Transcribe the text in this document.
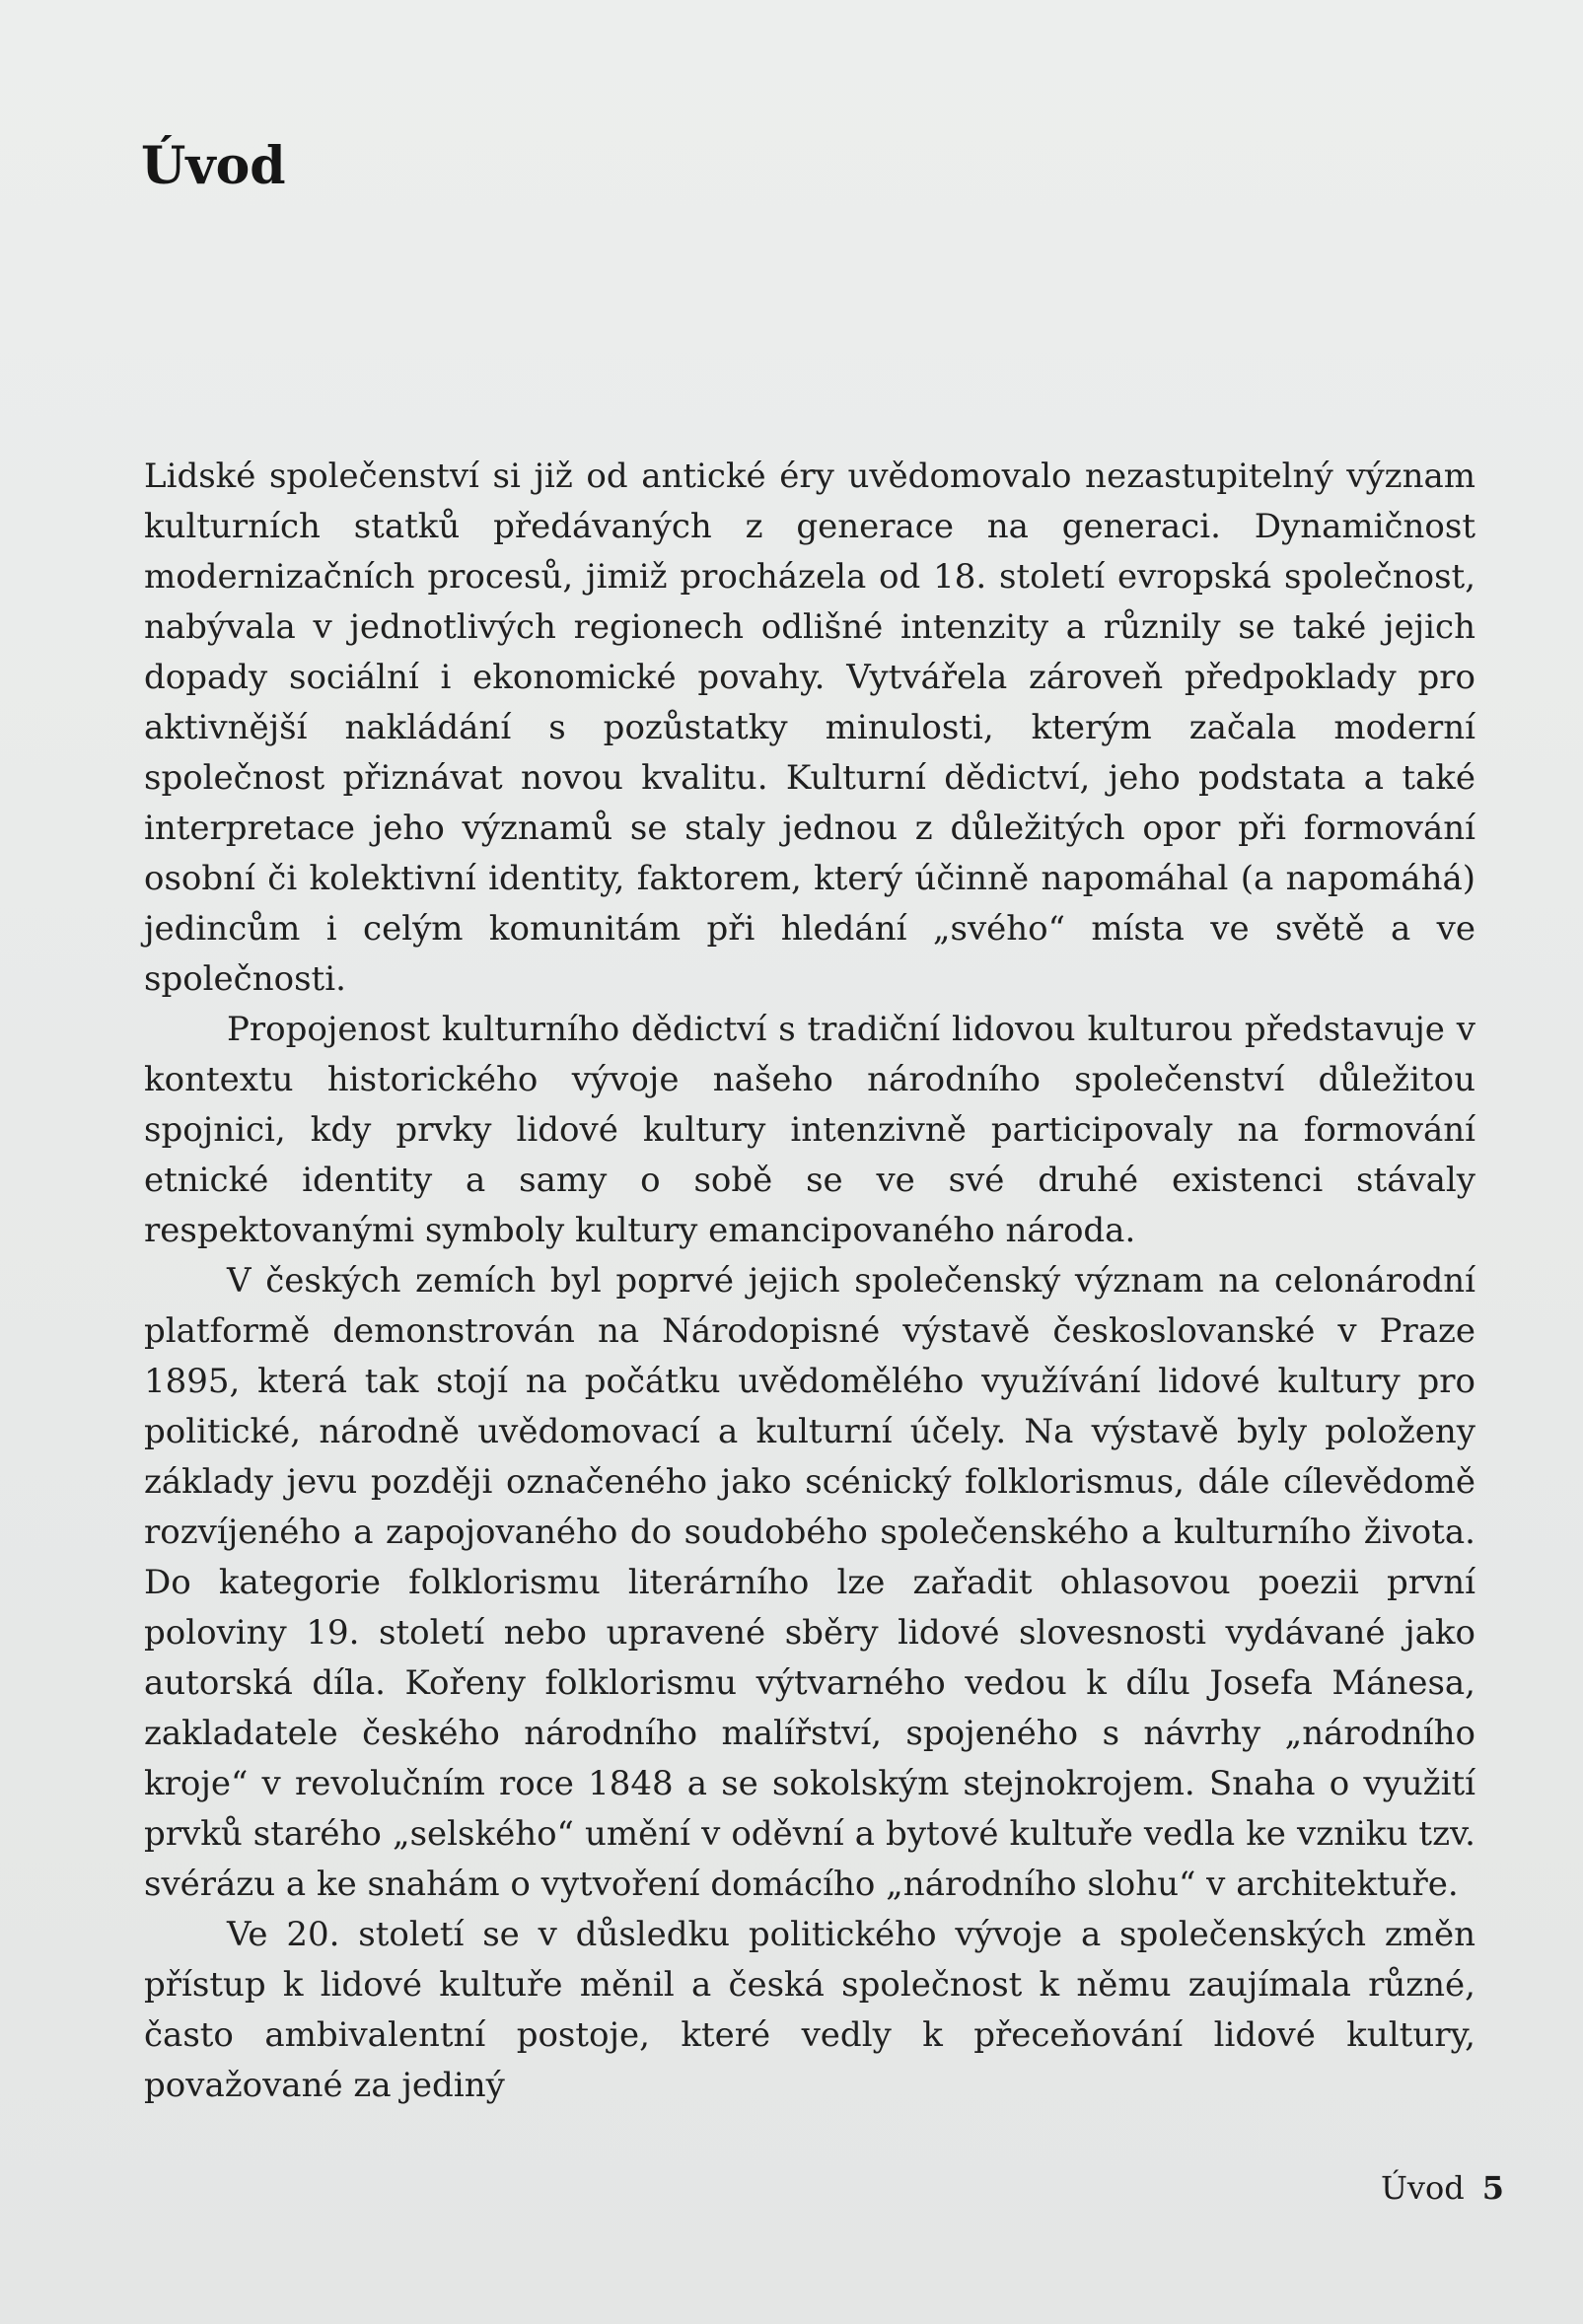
Úvod

Lidské společenství si již od antické éry uvědomovalo nezastupitelný význam kulturních statků předávaných z generace na generaci. Dynamičnost modernizačních procesů, jimiž procházela od 18. století evropská společnost, nabývala v jednotlivých regionech odlišné intenzity a různily se také jejich dopady sociální i ekonomické povahy. Vytvářela zároveň předpoklady pro aktivnější nakládání s pozůstatky minulosti, kterým začala moderní společnost přiznávat novou kvalitu. Kulturní dědictví, jeho podstata a také interpretace jeho významů se staly jednou z důležitých opor při formování osobní či kolektivní identity, faktorem, který účinně napomáhal (a napomáhá) jedincům i celým komunitám při hledání „svého“ místa ve světě a ve společnosti.

Propojenost kulturního dědictví s tradiční lidovou kulturou představuje v kontextu historického vývoje našeho národního společenství důležitou spojnici, kdy prvky lidové kultury intenzivně participovaly na formování etnické identity a samy o sobě se ve své druhé existenci stávaly respektovanými symboly kultury emancipovaného národa.

V českých zemích byl poprvé jejich společenský význam na celonárodní platformě demonstrován na Národopisné výstavě českoslovanské v Praze 1895, která tak stojí na počátku uvědomělého využívání lidové kultury pro politické, národně uvědomovací a kulturní účely. Na výstavě byly položeny základy jevu později označeného jako scénický folklorismus, dále cílevědomě rozvíjeného a zapojovaného do soudobého společenského a kulturního života. Do kategorie folklorismu literárního lze zařadit ohlasovou poezii první poloviny 19. století nebo upravené sběry lidové slovesnosti vydávané jako autorská díla. Kořeny folklorismu výtvarného vedou k dílu Josefa Mánesa, zakladatele českého národního malířství, spojeného s návrhy „národního kroje“ v revolučním roce 1848 a se sokolským stejnokrojem. Snaha o využití prvků starého „selského“ umění v oděvní a bytové kultuře vedla ke vzniku tzv. svérázu a ke snahám o vytvoření domácího „národního slohu“ v architektuře.

Ve 20. století se v důsledku politického vývoje a společenských změn přístup k lidové kultuře měnil a česká společnost k němu zaujímala různé, často ambivalentní postoje, které vedly k přeceňování lidové kultury, považované za jediný

Úvod 5
